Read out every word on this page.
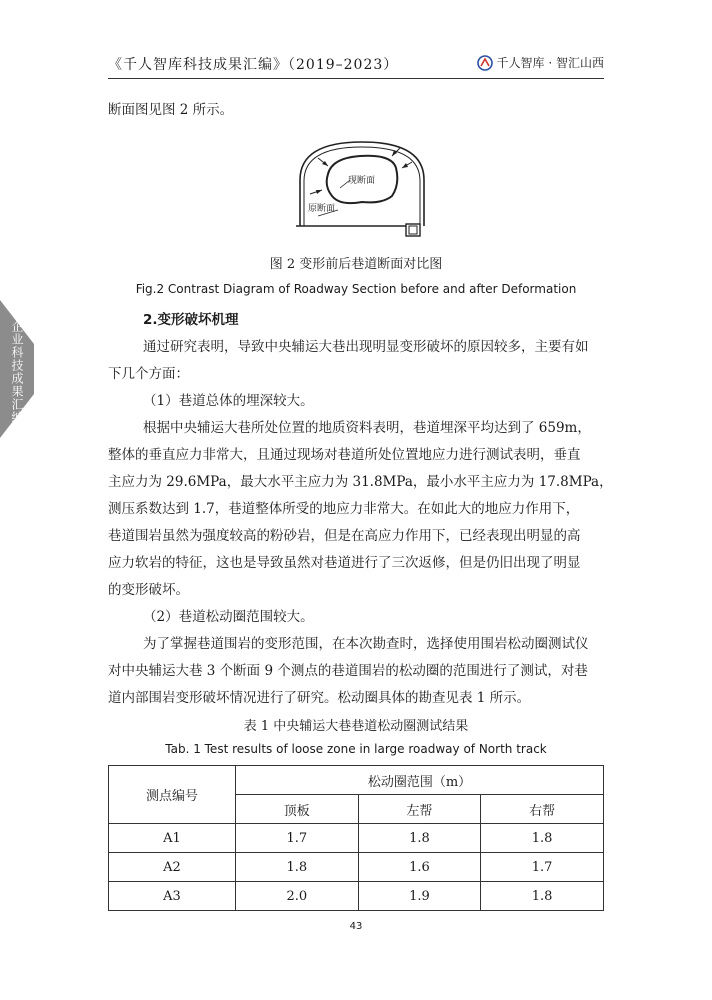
《千人智库科技成果汇编》（2019–2023）	千人智库 · 智汇山西
企业科技成果汇编
断面图见图 2 所示。
现断面
原断面
图 2 变形前后巷道断面对比图
Fig.2 Contrast Diagram of Roadway Section before and after Deformation
2.变形破坏机理
通过研究表明，导致中央辅运大巷出现明显变形破坏的原因较多，主要有如
下几个方面：
（1）巷道总体的埋深较大。
根据中央辅运大巷所处位置的地质资料表明，巷道埋深平均达到了 659m，
整体的垂直应力非常大，且通过现场对巷道所处位置地应力进行测试表明，垂直
主应力为 29.6MPa，最大水平主应力为 31.8MPa，最小水平主应力为 17.8MPa，
测压系数达到 1.7，巷道整体所受的地应力非常大。在如此大的地应力作用下，
巷道围岩虽然为强度较高的粉砂岩，但是在高应力作用下，已经表现出明显的高
应力软岩的特征，这也是导致虽然对巷道进行了三次返修，但是仍旧出现了明显
的变形破坏。
（2）巷道松动圈范围较大。
为了掌握巷道围岩的变形范围，在本次勘查时，选择使用围岩松动圈测试仪
对中央辅运大巷 3 个断面 9 个测点的巷道围岩的松动圈的范围进行了测试，对巷
道内部围岩变形破坏情况进行了研究。松动圈具体的勘查见表 1 所示。
表 1 中央辅运大巷巷道松动圈测试结果
Tab. 1 Test results of loose zone in large roadway of North track
测点编号	松动圈范围（m）		
	顶板	左帮	右帮
A1	1.7	1.8	1.8
A2	1.8	1.6	1.7
A3	2.0	1.9	1.8
43
